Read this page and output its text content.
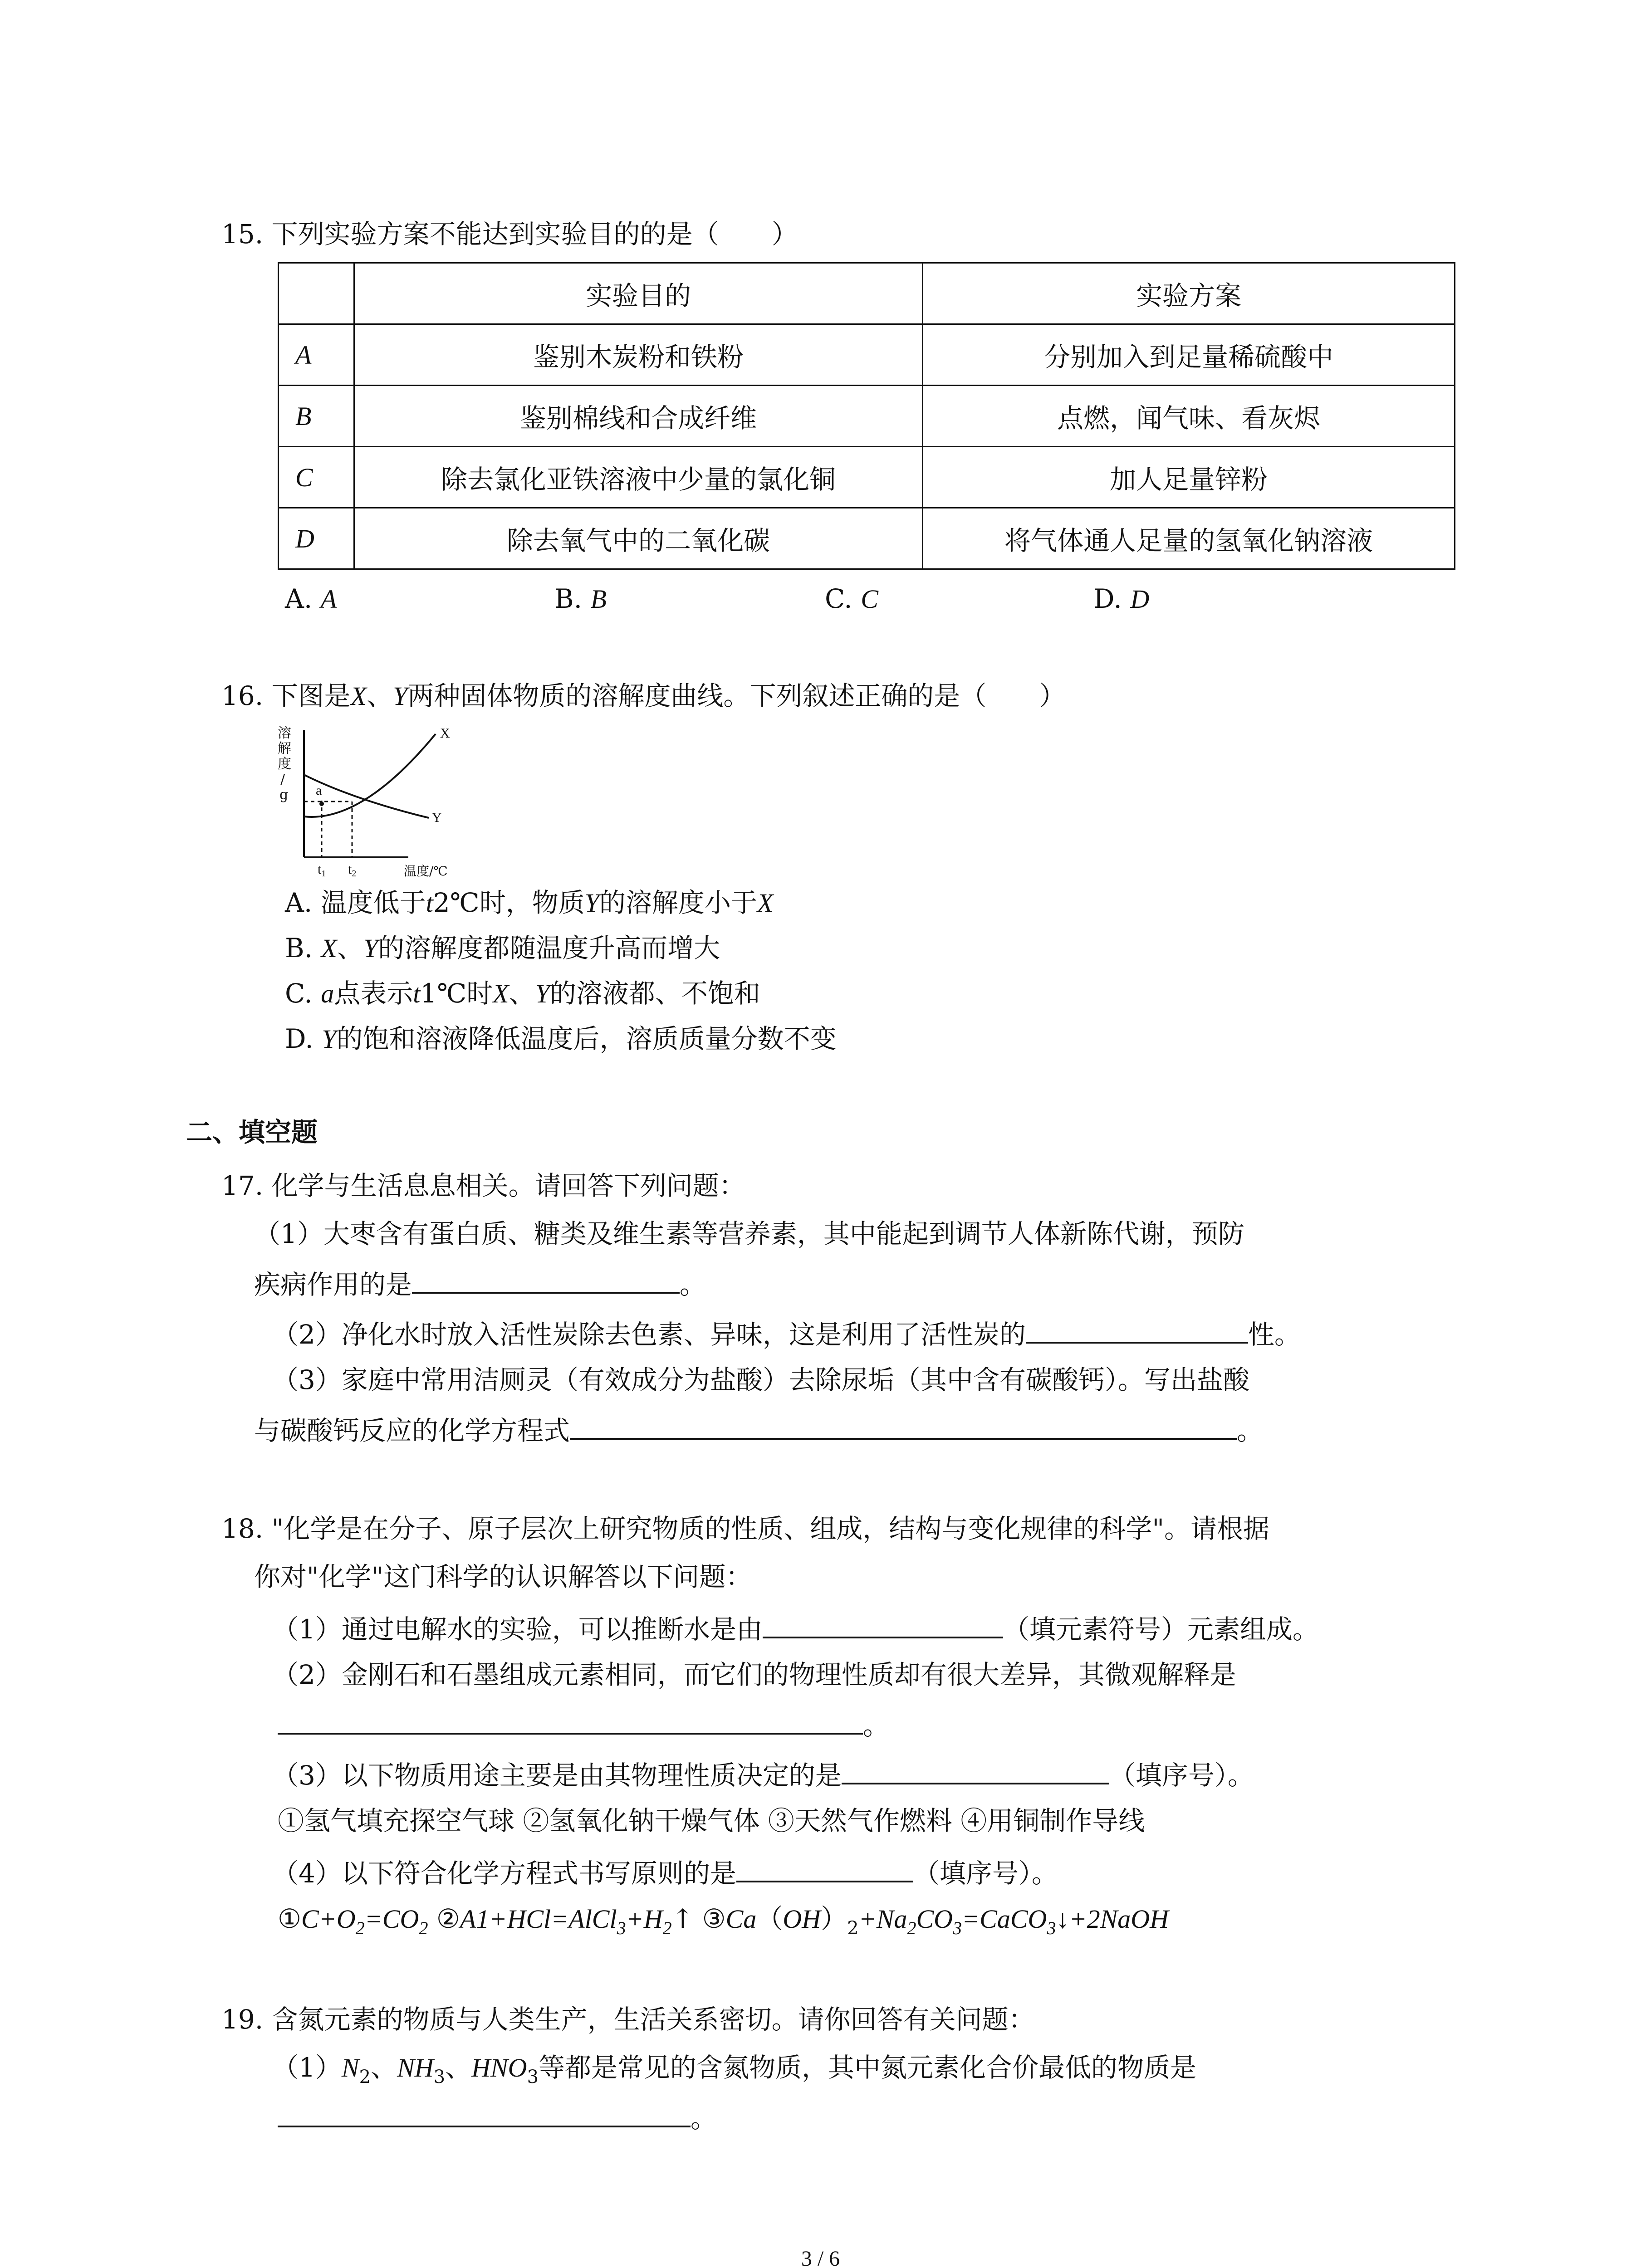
15. 下列实验方案不能达到实验目的的是（　　）
	实验目的	实验方案
A	鉴别木炭粉和铁粉	分别加入到足量稀硫酸中
B	鉴别棉线和合成纤维	点燃，闻气味、看灰烬
C	除去氯化亚铁溶液中少量的氯化铜	加人足量锌粉
D	除去氧气中的二氧化碳	将气体通人足量的氢氧化钠溶液
A. A	B. B	C. C	D. D
16. 下图是X、Y两种固体物质的溶解度曲线。下列叙述正确的是（　　）
溶
解
度
/
g a
X
Y
$t_1$ $t_2$	温度/℃
A. 温度低于t2℃时，物质Y的溶解度小于X
B. X、Y的溶解度都随温度升高而增大
C. a点表示t1℃时X、Y的溶液都、不饱和
D. Y的饱和溶液降低温度后，溶质质量分数不变
二、填空题
17. 化学与生活息息相关。请回答下列问题：
（1）大枣含有蛋白质、糖类及维生素等营养素，其中能起到调节人体新陈代谢，预防
疾病作用的是	。
（2）净化水时放入活性炭除去色素、异味，这是利用了活性炭的	性。
（3）家庭中常用洁厕灵（有效成分为盐酸）去除尿垢（其中含有碳酸钙）。写出盐酸
与碳酸钙反应的化学方程式	。
18. "化学是在分子、原子层次上研究物质的性质、组成，结构与变化规律的科学"。请根据
你对"化学"这门科学的认识解答以下问题：
（1）通过电解水的实验，可以推断水是由	（填元素符号）元素组成。
（2）金刚石和石墨组成元素相同，而它们的物理性质却有很大差异，其微观解释是
。
（3）以下物质用途主要是由其物理性质决定的是	（填序号）。
①氢气填充探空气球 ②氢氧化钠干燥气体 ③天然气作燃料 ④用铜制作导线
（4）以下符合化学方程式书写原则的是	（填序号）。
$①C+O_2=CO_2$ $②A1+HCl=AlCl_3+H_2↑$ $③Ca(OH)_2+Na_2CO_3=CaCO_3↓+2NaOH$
19. 含氮元素的物质与人类生产，生活关系密切。请你回答有关问题：
$(1)N_2$、$NH_3$、$HNO_3$等都是常见的含氮物质，其中氮元素化合价最低的物质是
。
3 / 6
